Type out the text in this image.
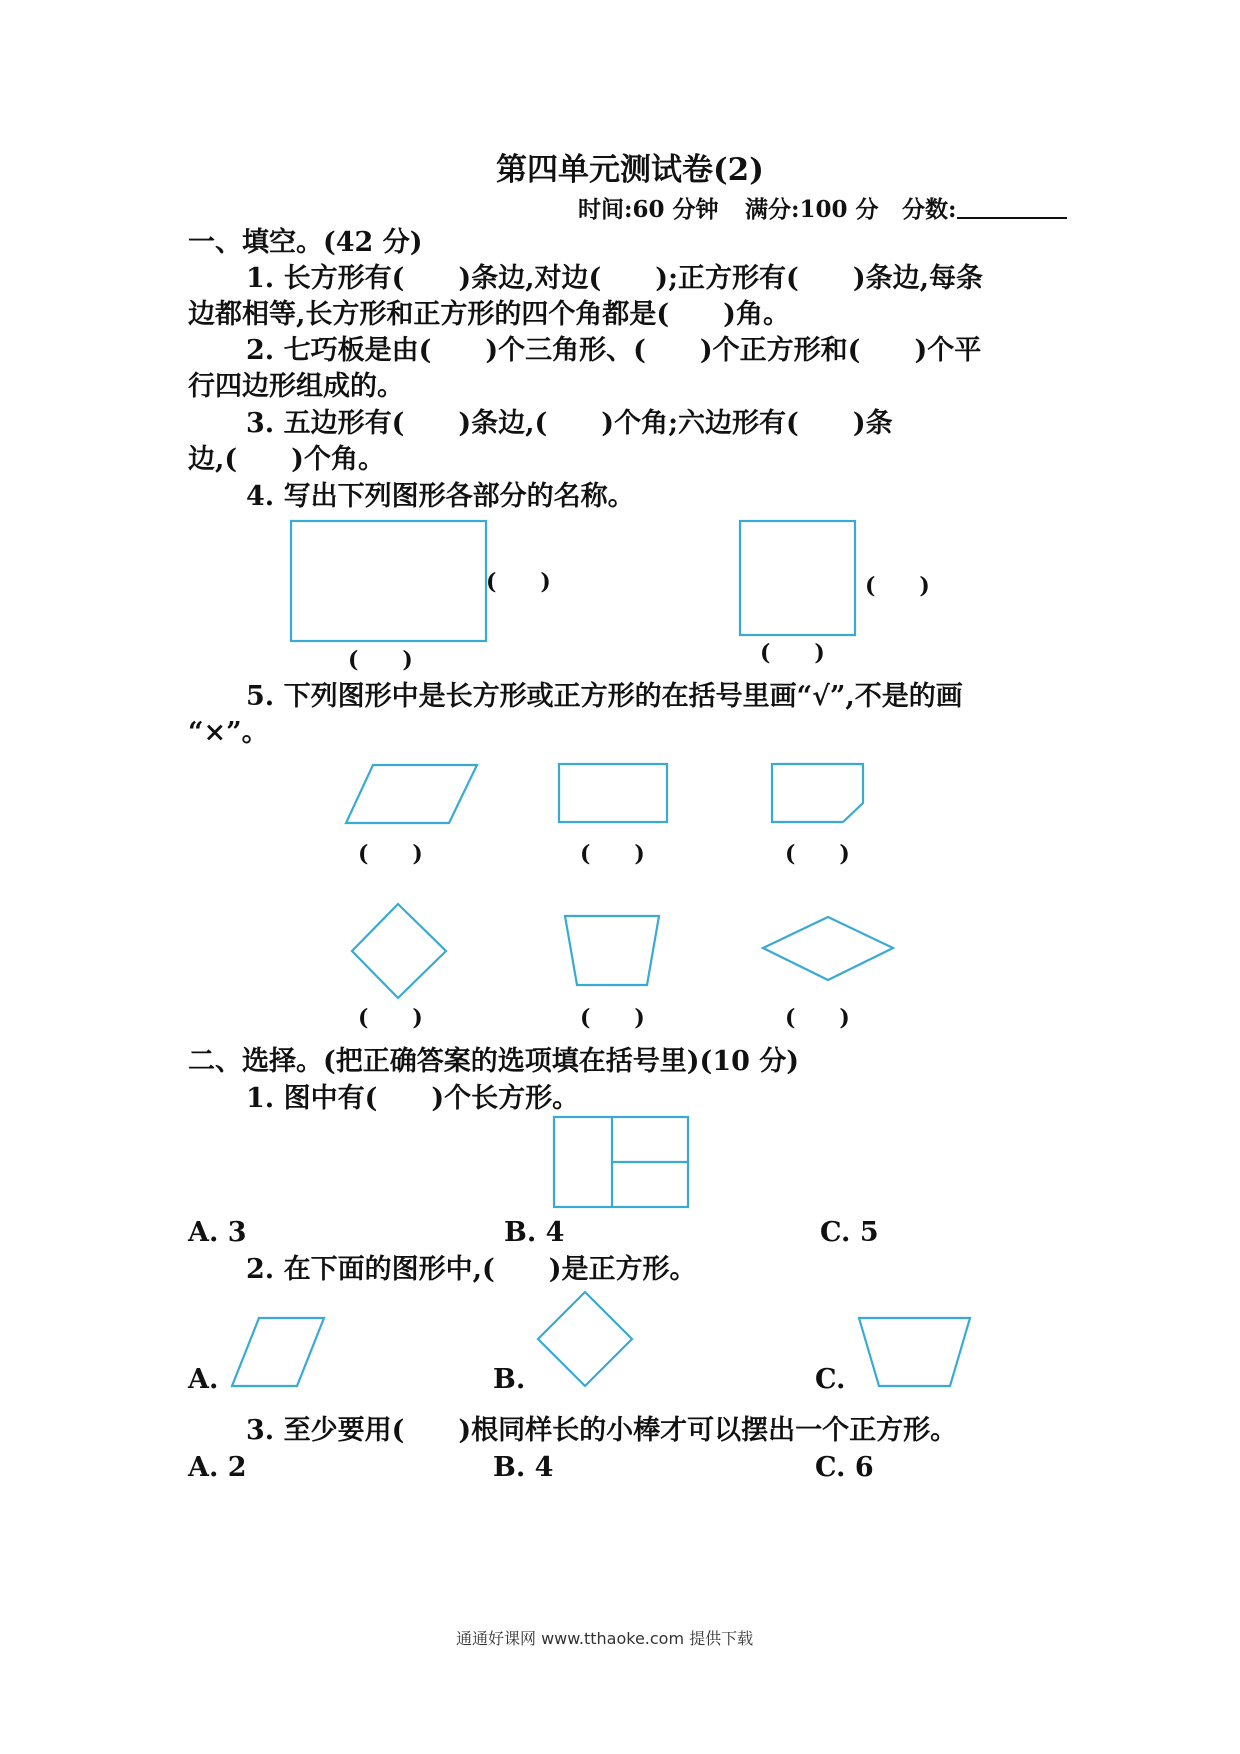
第四单元测试卷(2)
时间:60 分钟 满分:100 分 分数:
一、填空。(42 分)
1. 长方形有(　　)条边,对边(　　);正方形有(　　)条边,每条
边都相等,长方形和正方形的四个角都是(　　)角。
2. 七巧板是由(　　)个三角形、(　　)个正方形和(　　)个平
行四边形组成的。
3. 五边形有(　　)条边,(　　)个角;六边形有(　　)条
边,(　　)个角。
4. 写出下列图形各部分的名称。
(　　)
(　　)
(　　)
(　　)
5. 下列图形中是长方形或正方形的在括号里画“√”,不是的画
“×”。
(　　)	(　　)	(　　)
(　　)	(　　)	(　　)
二、选择。(把正确答案的选项填在括号里)(10 分)
1. 图中有(　　)个长方形。
A. 3	B. 4	C. 5
2. 在下面的图形中,(　　)是正方形。
A.	B.	C.
3. 至少要用(　　)根同样长的小棒才可以摆出一个正方形。
A. 2	B. 4	C. 6
通通好课网 www.tthaoke.com 提供下载
